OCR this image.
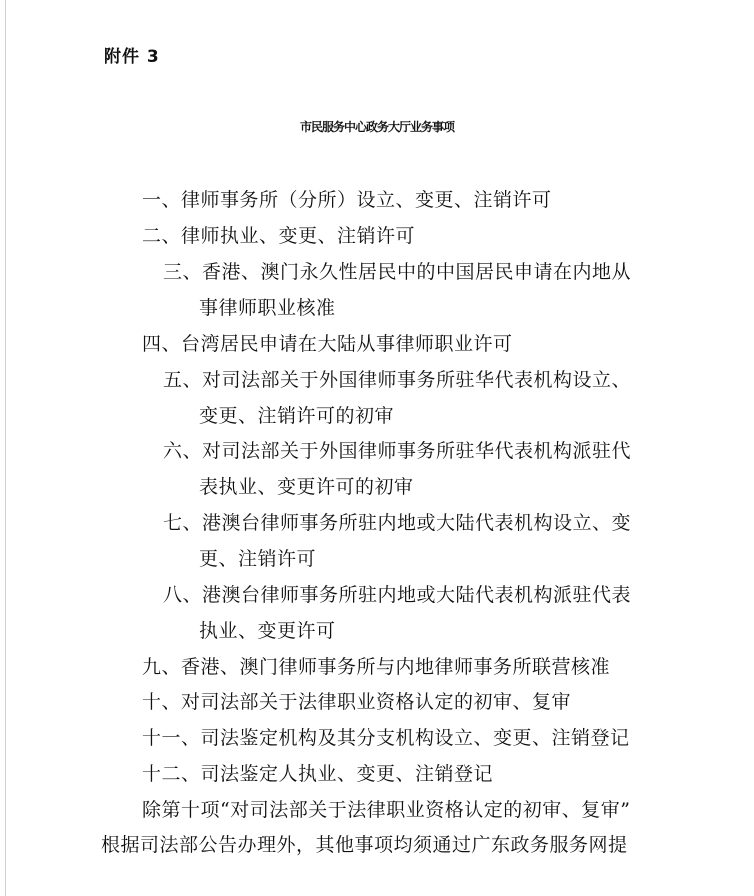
附件 3
市民服务中心政务大厅业务事项
一、律师事务所（分所）设立、变更、注销许可
二、律师执业、变更、注销许可
三、香港、澳门永久性居民中的中国居民申请在内地从
事律师职业核准
四、台湾居民申请在大陆从事律师职业许可
五、对司法部关于外国律师事务所驻华代表机构设立、
变更、注销许可的初审
六、对司法部关于外国律师事务所驻华代表机构派驻代
表执业、变更许可的初审
七、港澳台律师事务所驻内地或大陆代表机构设立、变
更、注销许可
八、港澳台律师事务所驻内地或大陆代表机构派驻代表
执业、变更许可
九、香港、澳门律师事务所与内地律师事务所联营核准
十、对司法部关于法律职业资格认定的初审、复审
十一、司法鉴定机构及其分支机构设立、变更、注销登记
十二、司法鉴定人执业、变更、注销登记
除第十项“对司法部关于法律职业资格认定的初审、复审”
根据司法部公告办理外，其他事项均须通过广东政务服务网提
